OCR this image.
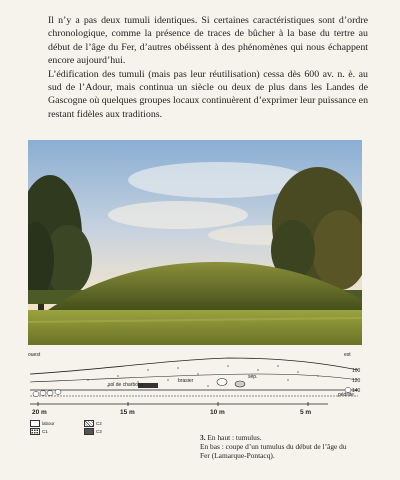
Il n’y a pas deux tumuli identiques. Si certaines caractéristiques sont d’ordre chronologique, comme la présence de traces de bûcher à la base du tertre au début de l’âge du Fer, d’autres obéissent à des phénomènes qui nous échappent encore aujourd’hui.

L’édification des tumuli (mais pas leur réutilisation) cessa dès 600 av. n. è. au sud de l’Adour, mais continua un siècle ou deux de plus dans les Landes de Gascogne où quelques groupes locaux continuèrent d’exprimer leur puissance en restant fidèles aux traditions.

ouest	est
sol de charbons
brasier
sép.
pédilite
100
120
140
20 m	15 m	10 m	5 m
labour
C1
C2
C3
3. En haut : tumulus.
En bas : coupe d’un tumulus du début de l’âge du Fer (Lamarque-Pontacq).
